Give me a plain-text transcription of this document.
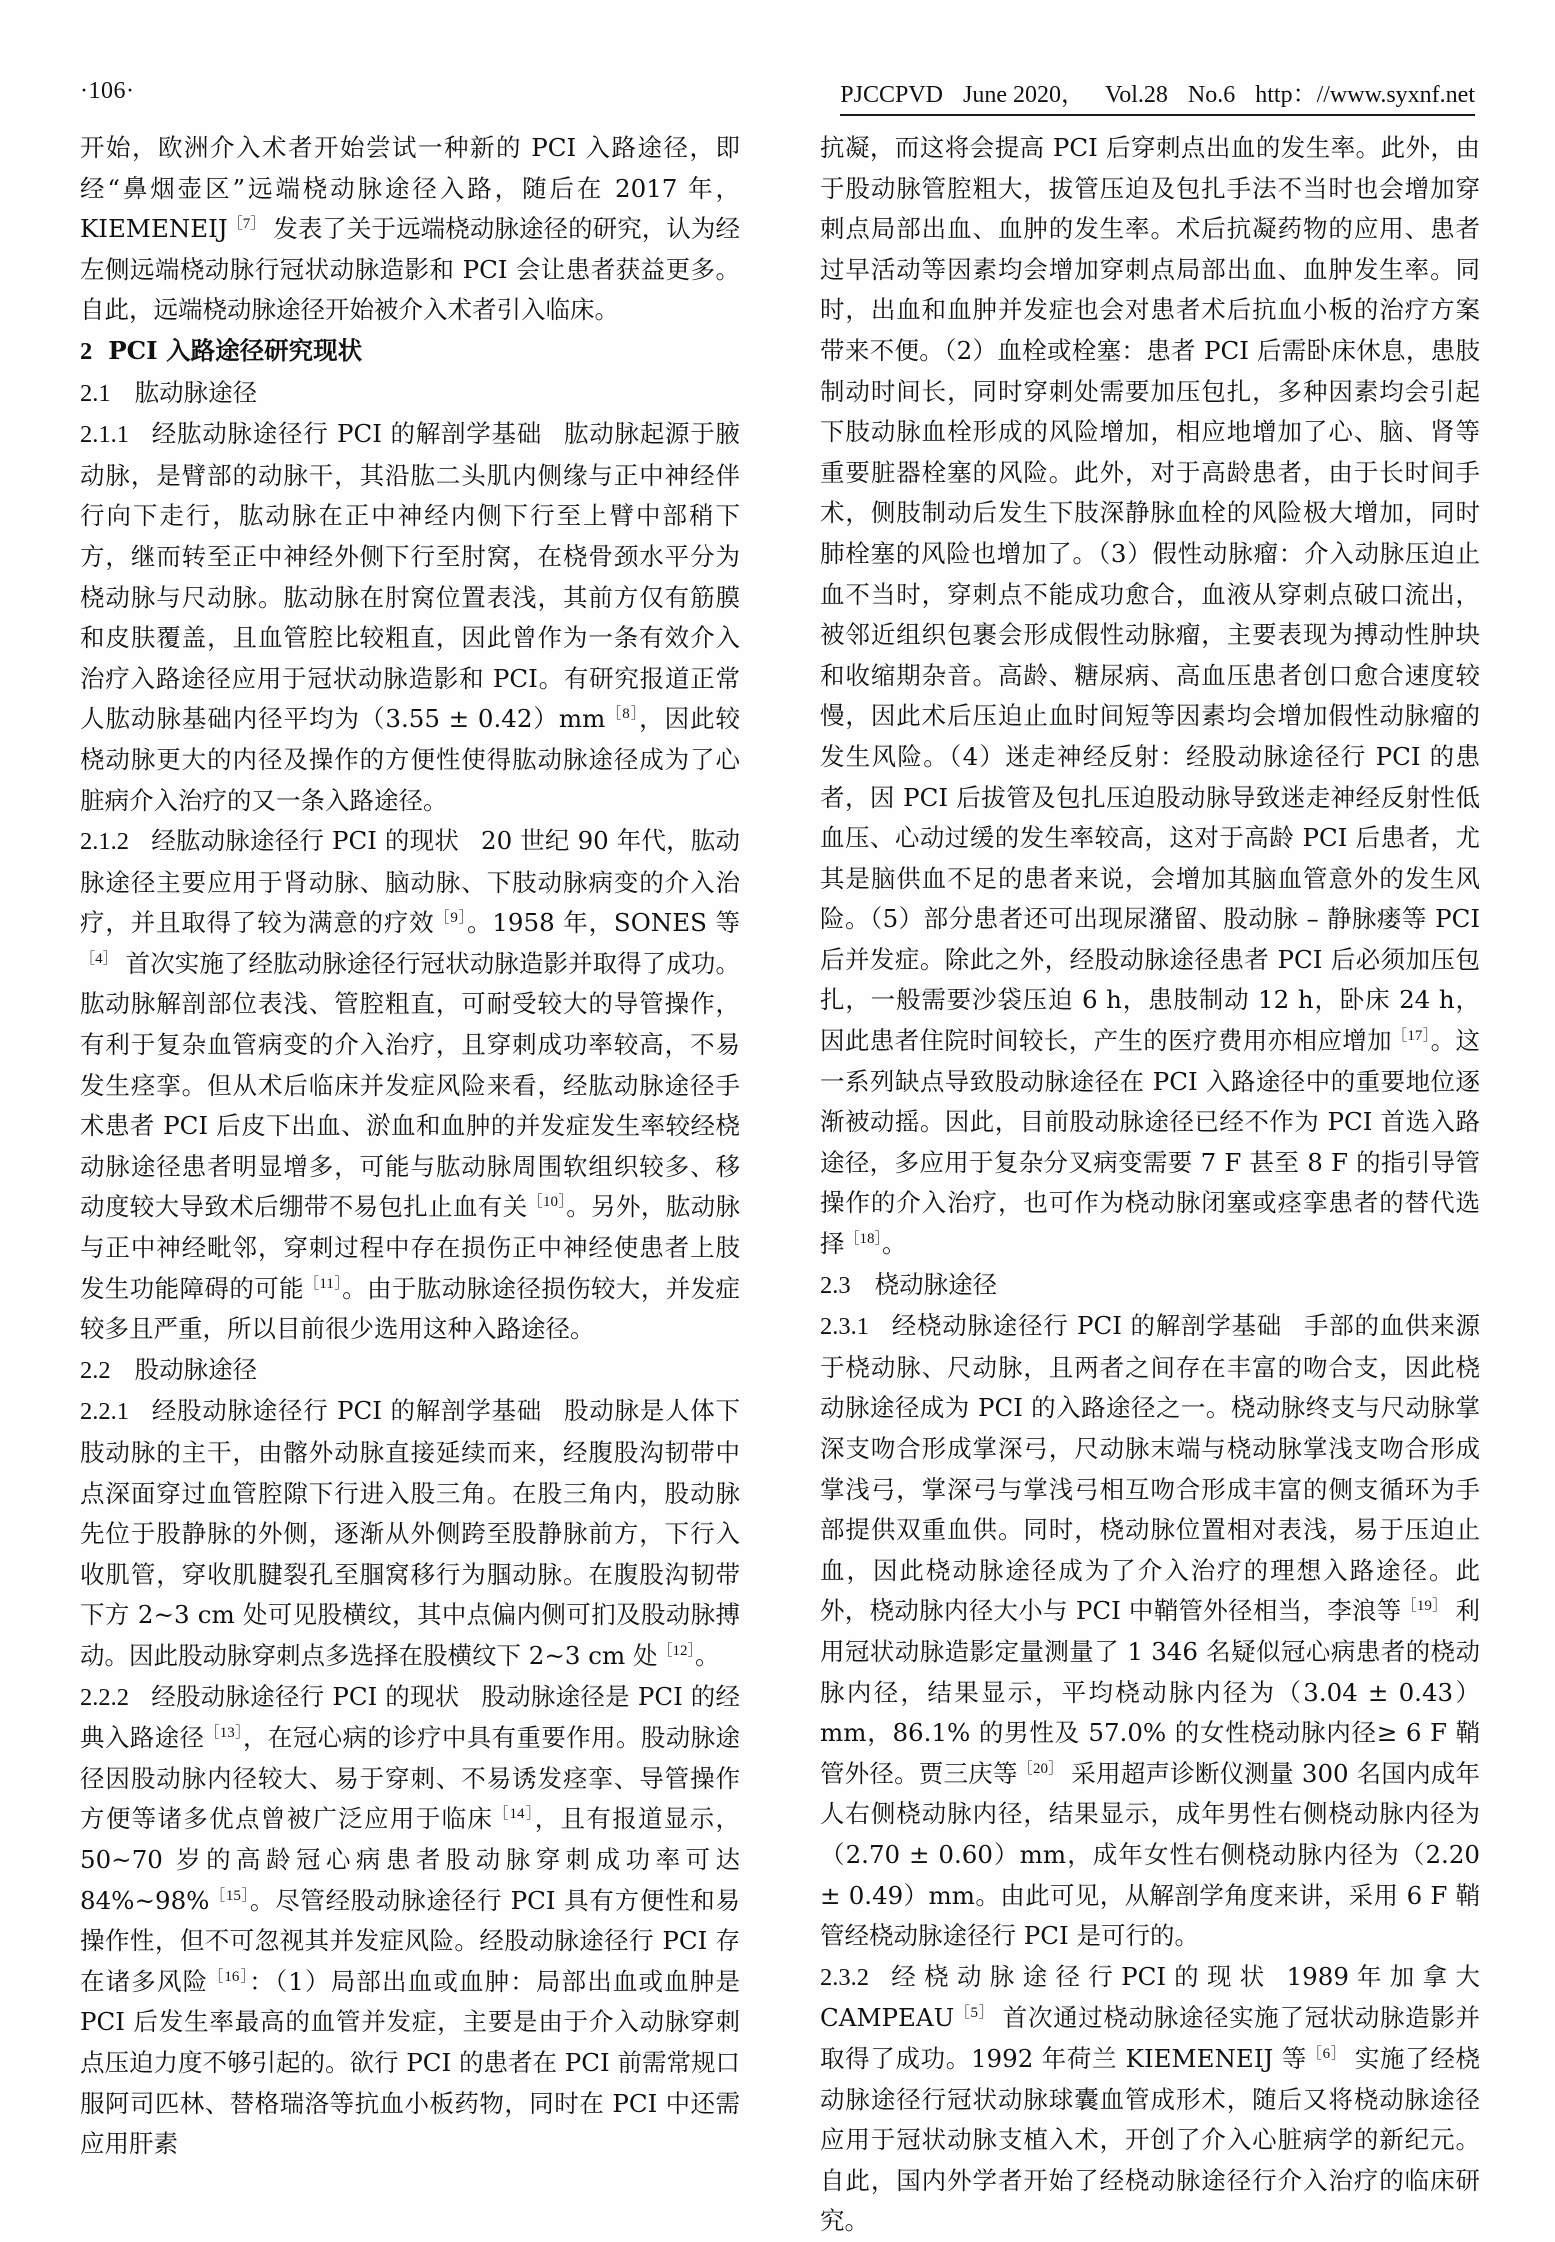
·106·	PJCCPVD June 2020， Vol.28 No.6 http：//www.syxnf.net

开始，欧洲介入术者开始尝试一种新的 PCI 入路途径，即经“鼻烟壶区”远端桡动脉途径入路，随后在 2017 年，KIEMENEIJ$^{[7]}$ 发表了关于远端桡动脉途径的研究，认为经左侧远端桡动脉行冠状动脉造影和 PCI 会让患者获益更多。自此，远端桡动脉途径开始被介入术者引入临床。

2 PCI 入路途径研究现状
2.1 肱动脉途径
2.1.1 经肱动脉途径行 PCI 的解剖学基础 肱动脉起源于腋动脉，是臂部的动脉干，其沿肱二头肌内侧缘与正中神经伴行向下走行，肱动脉在正中神经内侧下行至上臂中部稍下方，继而转至正中神经外侧下行至肘窝，在桡骨颈水平分为桡动脉与尺动脉。肱动脉在肘窝位置表浅，其前方仅有筋膜和皮肤覆盖，且血管腔比较粗直，因此曾作为一条有效介入治疗入路途径应用于冠状动脉造影和 PCI。有研究报道正常人肱动脉基础内径平均为（3.55 ± 0.42）mm$^{[8]}$，因此较桡动脉更大的内径及操作的方便性使得肱动脉途径成为了心脏病介入治疗的又一条入路途径。
2.1.2 经肱动脉途径行 PCI 的现状 20 世纪 90 年代，肱动脉途径主要应用于肾动脉、脑动脉、下肢动脉病变的介入治疗，并且取得了较为满意的疗效$^{[9]}$。1958 年，SONES 等$^{[4]}$ 首次实施了经肱动脉途径行冠状动脉造影并取得了成功。肱动脉解剖部位表浅、管腔粗直，可耐受较大的导管操作，有利于复杂血管病变的介入治疗，且穿刺成功率较高，不易发生痉挛。但从术后临床并发症风险来看，经肱动脉途径手术患者 PCI 后皮下出血、淤血和血肿的并发症发生率较经桡动脉途径患者明显增多，可能与肱动脉周围软组织较多、移动度较大导致术后绷带不易包扎止血有关$^{[10]}$。另外，肱动脉与正中神经毗邻，穿刺过程中存在损伤正中神经使患者上肢发生功能障碍的可能$^{[11]}$。由于肱动脉途径损伤较大，并发症较多且严重，所以目前很少选用这种入路途径。
2.2 股动脉途径
2.2.1 经股动脉途径行 PCI 的解剖学基础 股动脉是人体下肢动脉的主干，由髂外动脉直接延续而来，经腹股沟韧带中点深面穿过血管腔隙下行进入股三角。在股三角内，股动脉先位于股静脉的外侧，逐渐从外侧跨至股静脉前方，下行入收肌管，穿收肌腱裂孔至腘窝移行为腘动脉。在腹股沟韧带下方 2~3 cm 处可见股横纹，其中点偏内侧可扪及股动脉搏动。因此股动脉穿刺点多选择在股横纹下 2~3 cm 处$^{[12]}$。
2.2.2 经股动脉途径行 PCI 的现状 股动脉途径是 PCI 的经典入路途径$^{[13]}$，在冠心病的诊疗中具有重要作用。股动脉途径因股动脉内径较大、易于穿刺、不易诱发痉挛、导管操作方便等诸多优点曾被广泛应用于临床$^{[14]}$，且有报道显示，50~70 岁的高龄冠心病患者股动脉穿刺成功率可达 84%~98%$^{[15]}$。尽管经股动脉途径行 PCI 具有方便性和易操作性，但不可忽视其并发症风险。经股动脉途径行 PCI 存在诸多风险$^{[16]}$：（1）局部出血或血肿：局部出血或血肿是 PCI 后发生率最高的血管并发症，主要是由于介入动脉穿刺点压迫力度不够引起的。欲行 PCI 的患者在 PCI 前需常规口服阿司匹林、替格瑞洛等抗血小板药物，同时在 PCI 中还需应用肝素

抗凝，而这将会提高 PCI 后穿刺点出血的发生率。此外，由于股动脉管腔粗大，拔管压迫及包扎手法不当时也会增加穿刺点局部出血、血肿的发生率。术后抗凝药物的应用、患者过早活动等因素均会增加穿刺点局部出血、血肿发生率。同时，出血和血肿并发症也会对患者术后抗血小板的治疗方案带来不便。（2）血栓或栓塞：患者 PCI 后需卧床休息，患肢制动时间长，同时穿刺处需要加压包扎，多种因素均会引起下肢动脉血栓形成的风险增加，相应地增加了心、脑、肾等重要脏器栓塞的风险。此外，对于高龄患者，由于长时间手术，侧肢制动后发生下肢深静脉血栓的风险极大增加，同时肺栓塞的风险也增加了。（3）假性动脉瘤：介入动脉压迫止血不当时，穿刺点不能成功愈合，血液从穿刺点破口流出，被邻近组织包裹会形成假性动脉瘤，主要表现为搏动性肿块和收缩期杂音。高龄、糖尿病、高血压患者创口愈合速度较慢，因此术后压迫止血时间短等因素均会增加假性动脉瘤的发生风险。（4）迷走神经反射：经股动脉途径行 PCI 的患者，因 PCI 后拔管及包扎压迫股动脉导致迷走神经反射性低血压、心动过缓的发生率较高，这对于高龄 PCI 后患者，尤其是脑供血不足的患者来说，会增加其脑血管意外的发生风险。（5）部分患者还可出现尿潴留、股动脉 – 静脉瘘等 PCI 后并发症。除此之外，经股动脉途径患者 PCI 后必须加压包扎，一般需要沙袋压迫 6 h，患肢制动 12 h，卧床 24 h，因此患者住院时间较长，产生的医疗费用亦相应增加$^{[17]}$。这一系列缺点导致股动脉途径在 PCI 入路途径中的重要地位逐渐被动摇。因此，目前股动脉途径已经不作为 PCI 首选入路途径，多应用于复杂分叉病变需要 7 F 甚至 8 F 的指引导管操作的介入治疗，也可作为桡动脉闭塞或痉挛患者的替代选择$^{[18]}$。

2.3 桡动脉途径
2.3.1 经桡动脉途径行 PCI 的解剖学基础 手部的血供来源于桡动脉、尺动脉，且两者之间存在丰富的吻合支，因此桡动脉途径成为 PCI 的入路途径之一。桡动脉终支与尺动脉掌深支吻合形成掌深弓，尺动脉末端与桡动脉掌浅支吻合形成掌浅弓，掌深弓与掌浅弓相互吻合形成丰富的侧支循环为手部提供双重血供。同时，桡动脉位置相对表浅，易于压迫止血，因此桡动脉途径成为了介入治疗的理想入路途径。此外，桡动脉内径大小与 PCI 中鞘管外径相当，李浪等$^{[19]}$ 利用冠状动脉造影定量测量了 1 346 名疑似冠心病患者的桡动脉内径，结果显示，平均桡动脉内径为（3.04 ± 0.43）mm，86.1% 的男性及 57.0% 的女性桡动脉内径≥ 6 F 鞘管外径。贾三庆等$^{[20]}$ 采用超声诊断仪测量 300 名国内成年人右侧桡动脉内径，结果显示，成年男性右侧桡动脉内径为（2.70 ± 0.60）mm，成年女性右侧桡动脉内径为（2.20 ± 0.49）mm。由此可见，从解剖学角度来讲，采用 6 F 鞘管经桡动脉途径行 PCI 是可行的。
2.3.2 经 桡 动 脉 途 径 行 PCI 的 现 状 1989 年 加 拿 大 CAMPEAU$^{[5]}$ 首次通过桡动脉途径实施了冠状动脉造影并取得了成功。1992 年荷兰 KIEMENEIJ 等$^{[6]}$ 实施了经桡动脉途径行冠状动脉球囊血管成形术，随后又将桡动脉途径应用于冠状动脉支植入术，开创了介入心脏病学的新纪元。自此，国内外学者开始了经桡动脉途径行介入治疗的临床研究。
